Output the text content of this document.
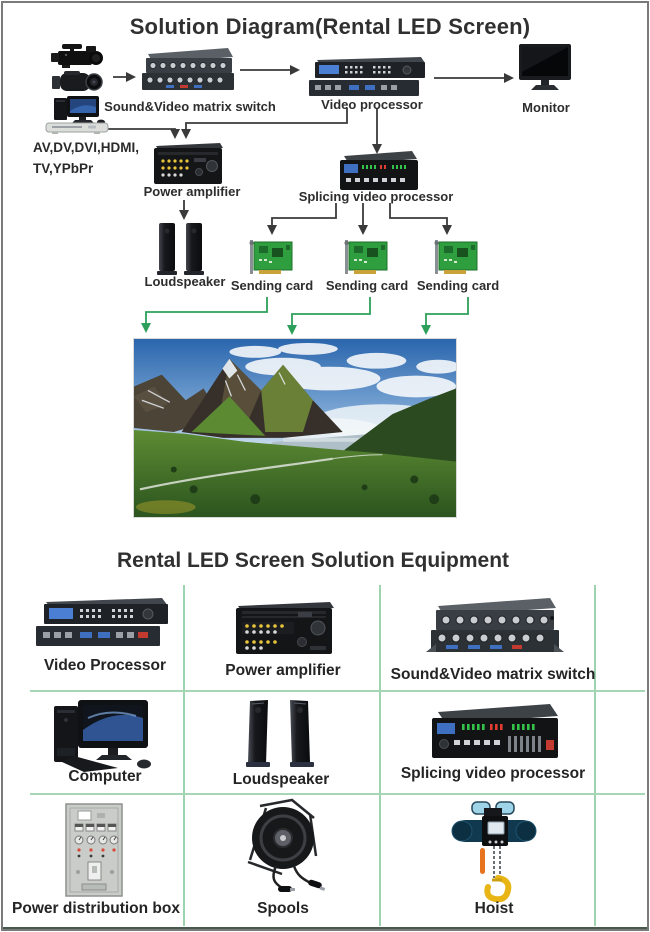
Solution Diagram(Rental LED Screen)
AV,DV,DVI,HDMI,
TV,YPbPr
Sound&Video matrix switch	Video processor	Monitor
Power amplifier	Splicing video processor
Loudspeaker Sending card Sending card Sending card
Rental LED Screen Solution Equipment
Video Processor	Power amplifier	Sound&Video matrix switch
Computer	Loudspeaker	Splicing video processor
Power distribution box	Spools	Hoist
